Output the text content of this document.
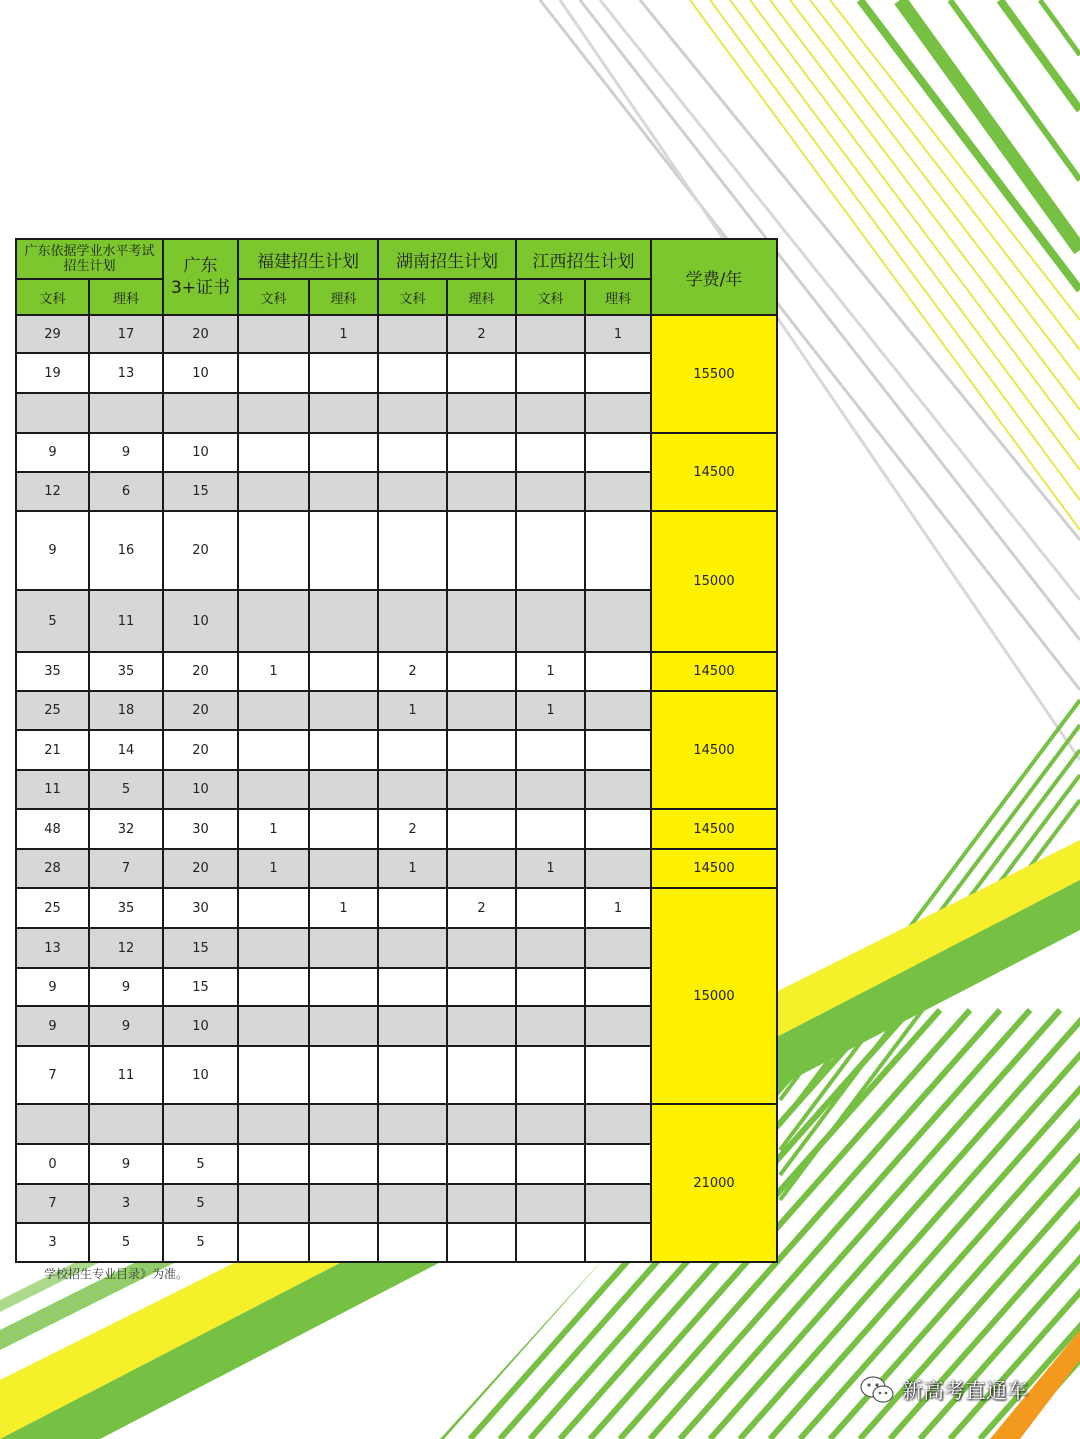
广东依据学业水平考试招生计划		广东3+证书	福建招生计划		湖南招生计划		江西招生计划		学费/年
文科	理科		文科	理科	文科	理科	文科	理科	
29	17	20		1		2		1	15500
19	13	10							

9	9	10							14500
12	6	15							
9	16	20							15000
5	11	10							
35	35	20	1		2		1		14500
25	18	20			1		1		14500
21	14	20							
11	5	10							
48	32	30	1		2				14500
28	7	20	1		1		1		14500
25	35	30		1		2		1	15000
13	12	15							
9	9	15							
9	9	10							
7	11	10							
									21000
0	9	5							
7	3	5							
3	5	5							
学校招生专业目录》为准。
新高考直通车
